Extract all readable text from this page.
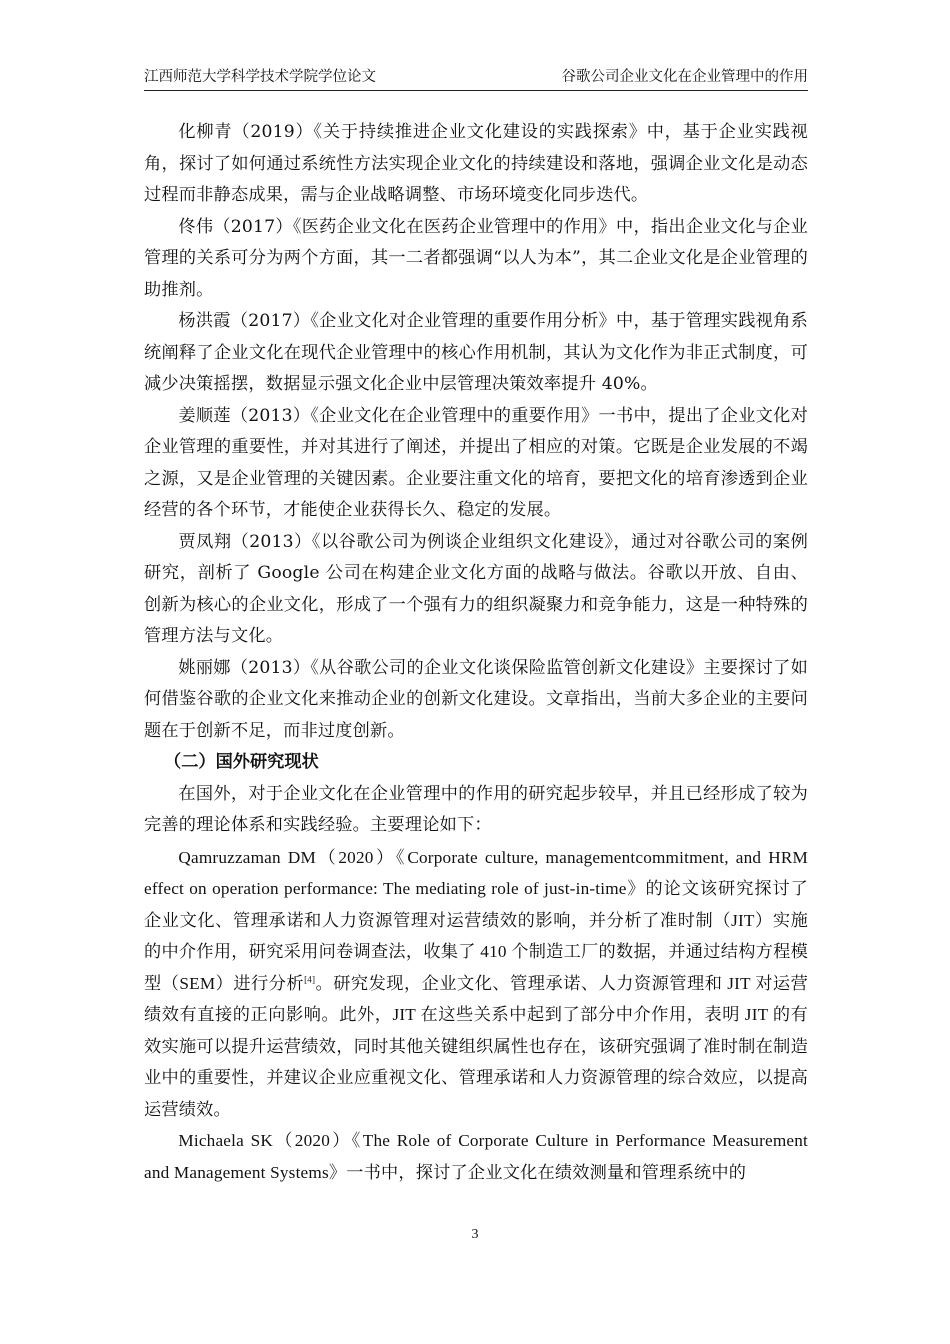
江西师范大学科学技术学院学位论文	谷歌公司企业文化在企业管理中的作用

化柳青（2019）《关于持续推进企业文化建设的实践探索》中，基于企业实践视角，探讨了如何通过系统性方法实现企业文化的持续建设和落地，强调企业文化是动态过程而非静态成果，需与企业战略调整、市场环境变化同步迭代。

佟伟（2017）《医药企业文化在医药企业管理中的作用》中，指出企业文化与企业管理的关系可分为两个方面，其一二者都强调“以人为本”，其二企业文化是企业管理的助推剂。

杨洪霞（2017）《企业文化对企业管理的重要作用分析》中，基于管理实践视角系统阐释了企业文化在现代企业管理中的核心作用机制，其认为文化作为非正式制度，可减少决策摇摆，数据显示强文化企业中层管理决策效率提升 40%。

姜顺莲（2013）《企业文化在企业管理中的重要作用》一书中，提出了企业文化对企业管理的重要性，并对其进行了阐述，并提出了相应的对策。它既是企业发展的不竭之源，又是企业管理的关键因素。企业要注重文化的培育，要把文化的培育渗透到企业经营的各个环节，才能使企业获得长久、稳定的发展。

贾凤翔（2013）《以谷歌公司为例谈企业组织文化建设》，通过对谷歌公司的案例研究，剖析了 Google 公司在构建企业文化方面的战略与做法。谷歌以开放、自由、创新为核心的企业文化，形成了一个强有力的组织凝聚力和竞争能力，这是一种特殊的管理方法与文化。

姚丽娜（2013）《从谷歌公司的企业文化谈保险监管创新文化建设》主要探讨了如何借鉴谷歌的企业文化来推动企业的创新文化建设。文章指出，当前大多企业的主要问题在于创新不足，而非过度创新。

（二）国外研究现状

在国外，对于企业文化在企业管理中的作用的研究起步较早，并且已经形成了较为完善的理论体系和实践经验。主要理论如下：

Qamruzzaman DM（2020）《Corporate culture, managementcommitment, and HRM effect on operation performance: The mediating role of just-in-time》的论文该研究探讨了企业文化、管理承诺和人力资源管理对运营绩效的影响，并分析了准时制（JIT）实施的中介作用，研究采用问卷调查法，收集了 410 个制造工厂的数据，并通过结构方程模型（SEM）进行分析[4]。研究发现，企业文化、管理承诺、人力资源管理和 JIT 对运营绩效有直接的正向影响。此外，JIT 在这些关系中起到了部分中介作用，表明 JIT 的有效实施可以提升运营绩效，同时其他关键组织属性也存在，该研究强调了准时制在制造业中的重要性，并建议企业应重视文化、管理承诺和人力资源管理的综合效应，以提高运营绩效。

Michaela SK（2020）《The Role of Corporate Culture in Performance Measurement and Management Systems》一书中，探讨了企业文化在绩效测量和管理系统中的

3
